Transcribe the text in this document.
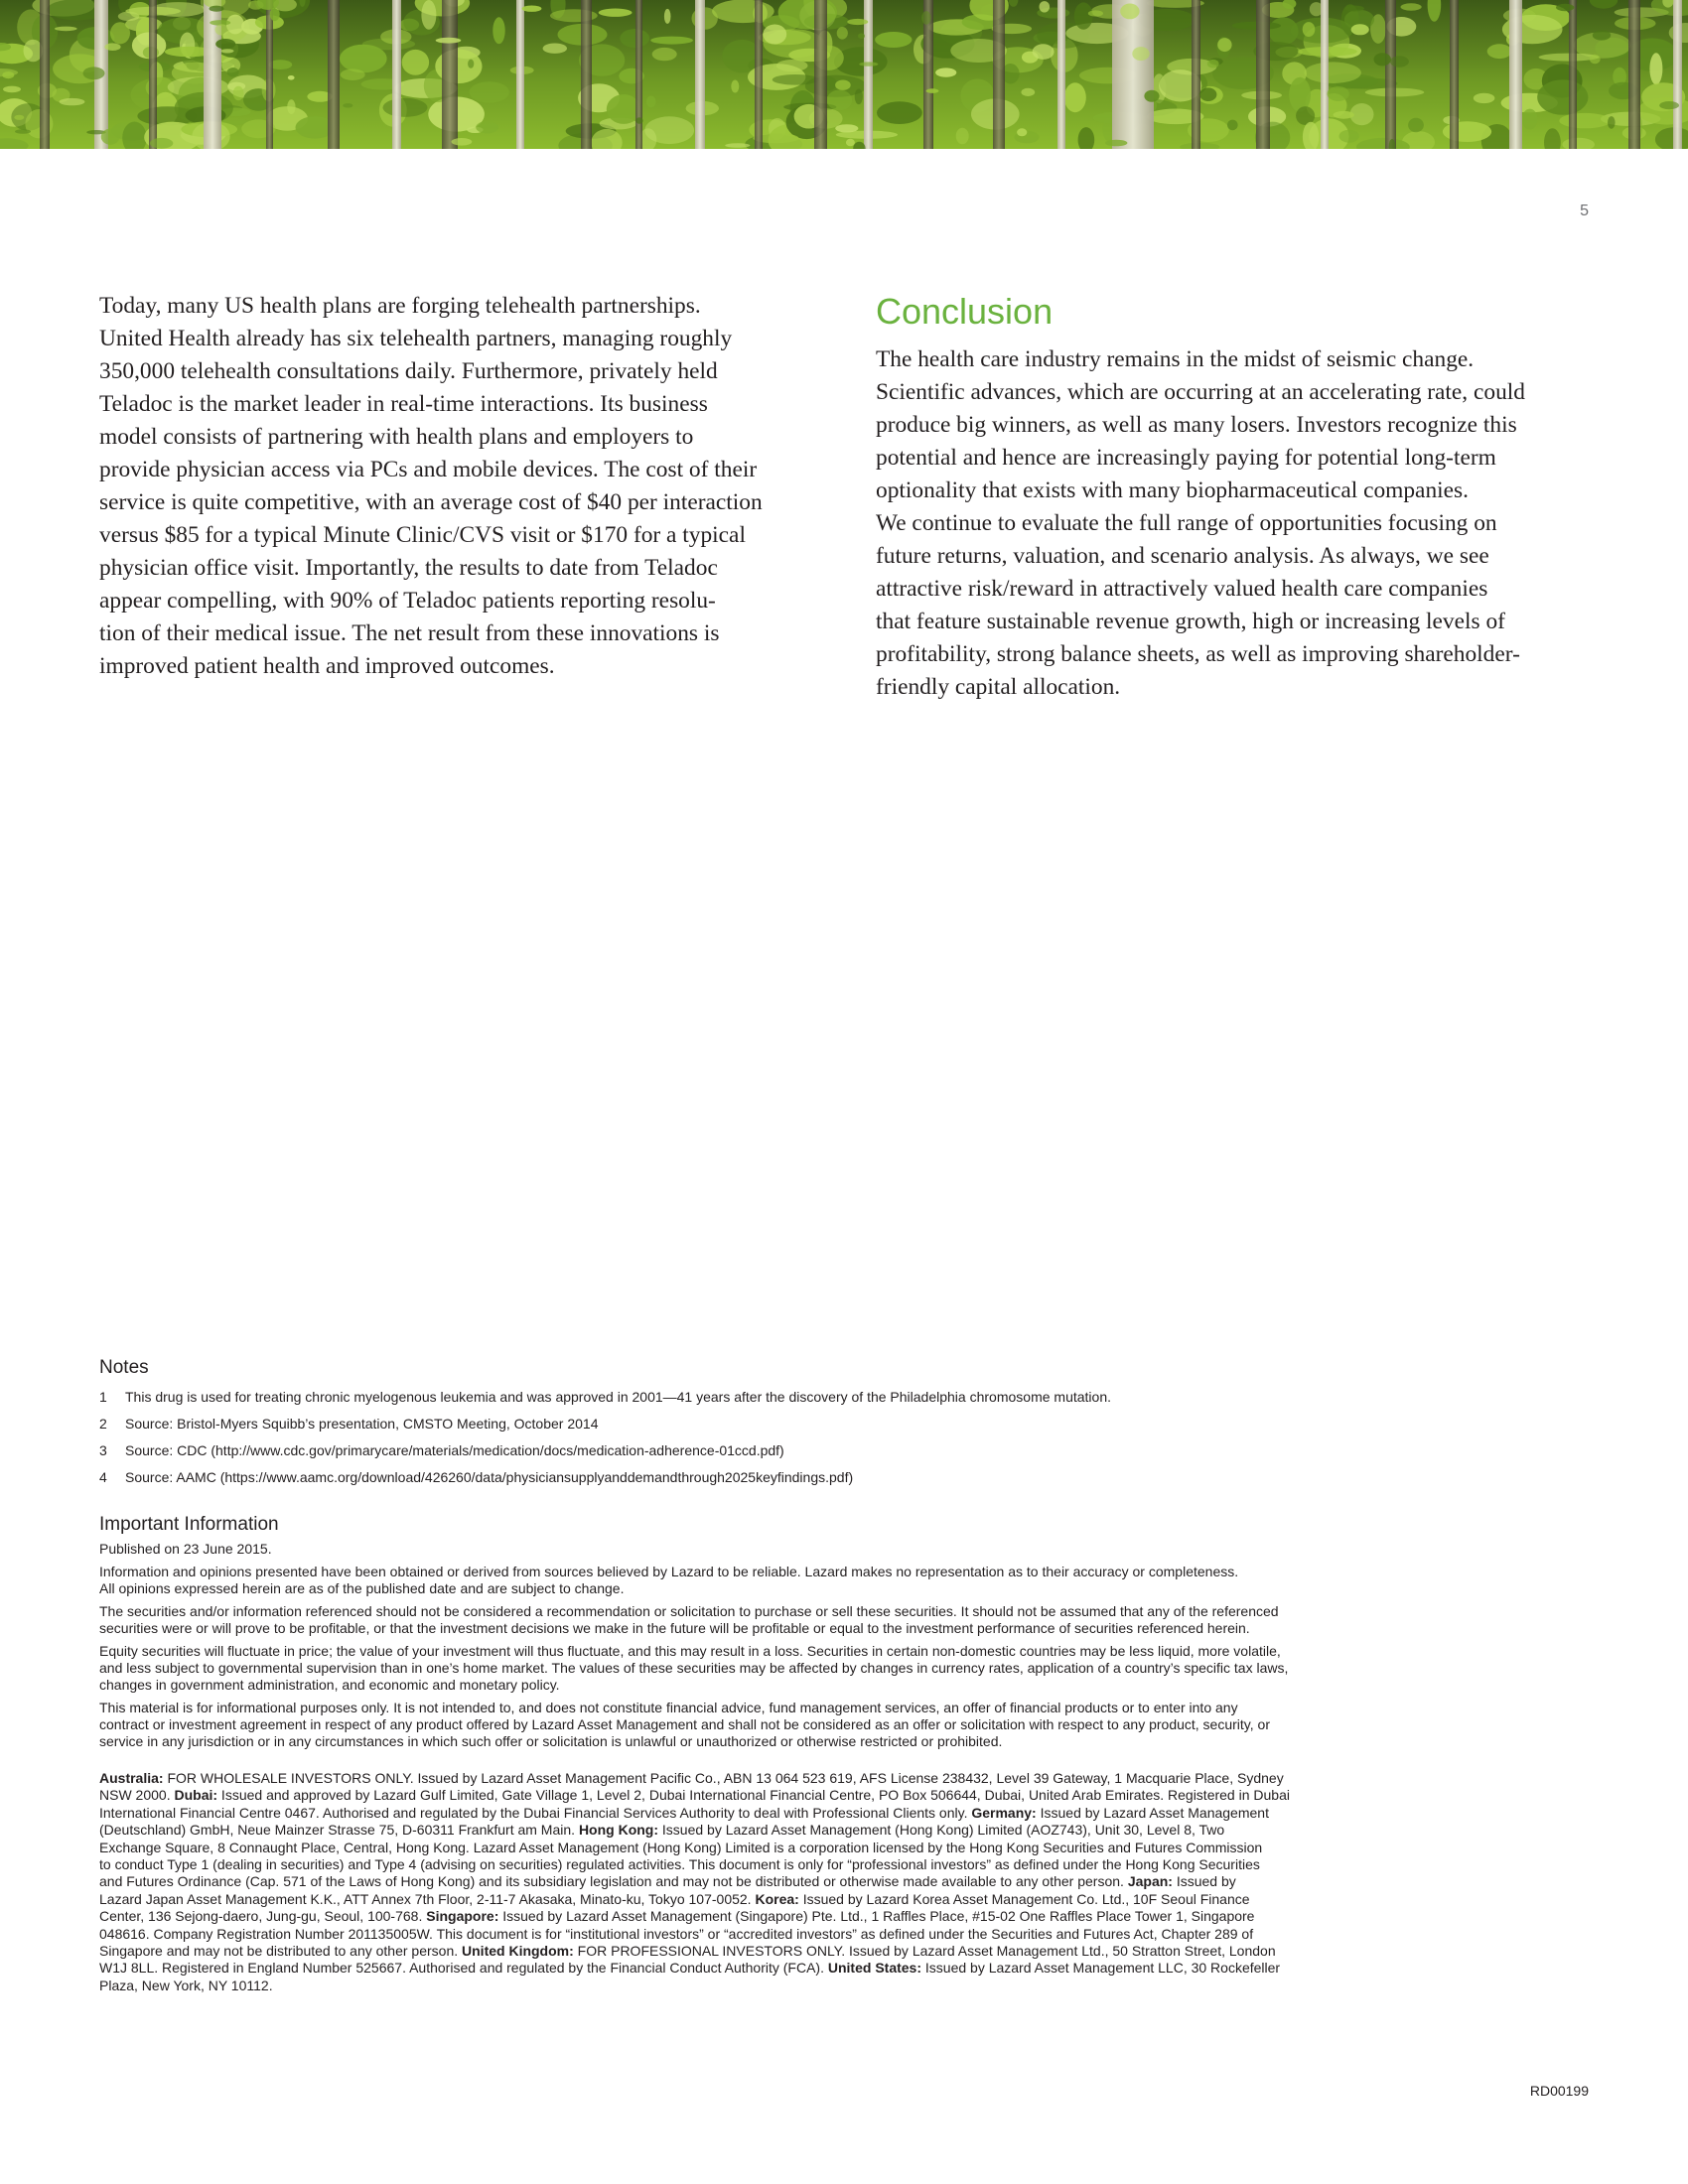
5

Today, many US health plans are forging telehealth partnerships.
United Health already has six telehealth partners, managing roughly
350,000 telehealth consultations daily. Furthermore, privately held
Teladoc is the market leader in real-time interactions. Its business
model consists of partnering with health plans and employers to
provide physician access via PCs and mobile devices. The cost of their
service is quite competitive, with an average cost of $40 per interaction
versus $85 for a typical Minute Clinic/CVS visit or $170 for a typical
physician office visit. Importantly, the results to date from Teladoc
appear compelling, with 90% of Teladoc patients reporting resolu-
tion of their medical issue. The net result from these innovations is
improved patient health and improved outcomes.

Conclusion

The health care industry remains in the midst of seismic change.
Scientific advances, which are occurring at an accelerating rate, could
produce big winners, as well as many losers. Investors recognize this
potential and hence are increasingly paying for potential long-term
optionality that exists with many biopharmaceutical companies.
We continue to evaluate the full range of opportunities focusing on
future returns, valuation, and scenario analysis. As always, we see
attractive risk/reward in attractively valued health care companies
that feature sustainable revenue growth, high or increasing levels of
profitability, strong balance sheets, as well as improving shareholder-
friendly capital allocation.

Notes
1	This drug is used for treating chronic myelogenous leukemia and was approved in 2001—41 years after the discovery of the Philadelphia chromosome mutation.
2	Source: Bristol-Myers Squibb’s presentation, CMSTO Meeting, October 2014
3	Source: CDC (http://www.cdc.gov/primarycare/materials/medication/docs/medication-adherence-01ccd.pdf)
4	Source: AAMC (https://www.aamc.org/download/426260/data/physiciansupplyanddemandthrough2025keyfindings.pdf)
Important Information
Published on 23 June 2015.
Information and opinions presented have been obtained or derived from sources believed by Lazard to be reliable. Lazard makes no representation as to their accuracy or completeness.
All opinions expressed herein are as of the published date and are subject to change.
The securities and/or information referenced should not be considered a recommendation or solicitation to purchase or sell these securities. It should not be assumed that any of the referenced
securities were or will prove to be profitable, or that the investment decisions we make in the future will be profitable or equal to the investment performance of securities referenced herein.
Equity securities will fluctuate in price; the value of your investment will thus fluctuate, and this may result in a loss. Securities in certain non-domestic countries may be less liquid, more volatile,
and less subject to governmental supervision than in one’s home market. The values of these securities may be affected by changes in currency rates, application of a country’s specific tax laws,
changes in government administration, and economic and monetary policy.
This material is for informational purposes only. It is not intended to, and does not constitute financial advice, fund management services, an offer of financial products or to enter into any
contract or investment agreement in respect of any product offered by Lazard Asset Management and shall not be considered as an offer or solicitation with respect to any product, security, or
service in any jurisdiction or in any circumstances in which such offer or solicitation is unlawful or unauthorized or otherwise restricted or prohibited.
Australia: FOR WHOLESALE INVESTORS ONLY. Issued by Lazard Asset Management Pacific Co., ABN 13 064 523 619, AFS License 238432, Level 39 Gateway, 1 Macquarie Place, Sydney
NSW 2000. Dubai: Issued and approved by Lazard Gulf Limited, Gate Village 1, Level 2, Dubai International Financial Centre, PO Box 506644, Dubai, United Arab Emirates. Registered in Dubai
International Financial Centre 0467. Authorised and regulated by the Dubai Financial Services Authority to deal with Professional Clients only. Germany: Issued by Lazard Asset Management
(Deutschland) GmbH, Neue Mainzer Strasse 75, D-60311 Frankfurt am Main. Hong Kong: Issued by Lazard Asset Management (Hong Kong) Limited (AOZ743), Unit 30, Level 8, Two
Exchange Square, 8 Connaught Place, Central, Hong Kong. Lazard Asset Management (Hong Kong) Limited is a corporation licensed by the Hong Kong Securities and Futures Commission
to conduct Type 1 (dealing in securities) and Type 4 (advising on securities) regulated activities. This document is only for “professional investors” as defined under the Hong Kong Securities
and Futures Ordinance (Cap. 571 of the Laws of Hong Kong) and its subsidiary legislation and may not be distributed or otherwise made available to any other person. Japan: Issued by
Lazard Japan Asset Management K.K., ATT Annex 7th Floor, 2-11-7 Akasaka, Minato-ku, Tokyo 107-0052. Korea: Issued by Lazard Korea Asset Management Co. Ltd., 10F Seoul Finance
Center, 136 Sejong-daero, Jung-gu, Seoul, 100-768. Singapore: Issued by Lazard Asset Management (Singapore) Pte. Ltd., 1 Raffles Place, #15-02 One Raffles Place Tower 1, Singapore
048616. Company Registration Number 201135005W. This document is for “institutional investors” or “accredited investors” as defined under the Securities and Futures Act, Chapter 289 of
Singapore and may not be distributed to any other person. United Kingdom: FOR PROFESSIONAL INVESTORS ONLY. Issued by Lazard Asset Management Ltd., 50 Stratton Street, London
W1J 8LL. Registered in England Number 525667. Authorised and regulated by the Financial Conduct Authority (FCA). United States: Issued by Lazard Asset Management LLC, 30 Rockefeller
Plaza, New York, NY 10112.
RD00199
